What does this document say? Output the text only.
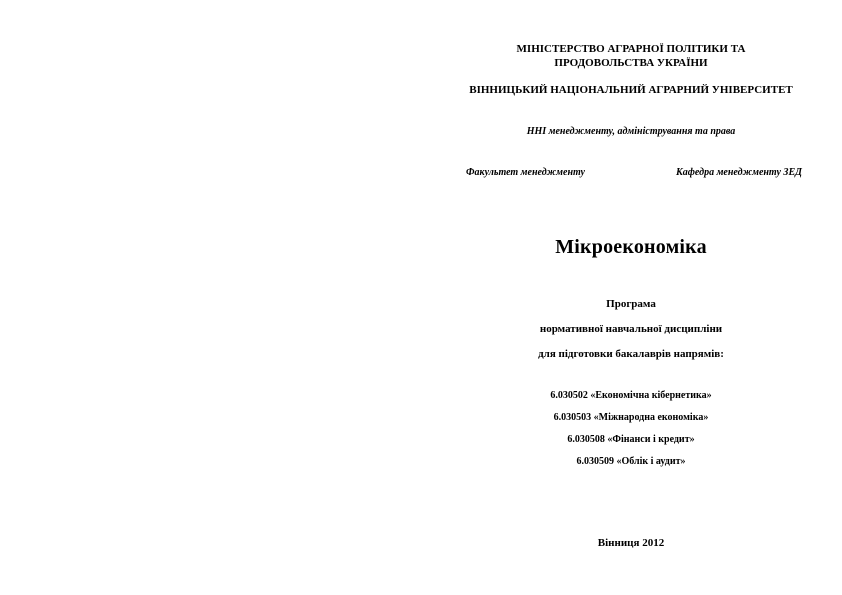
МІНІСТЕРСТВО АГРАРНОЇ ПОЛІТИКИ ТА
ПРОДОВОЛЬСТВА УКРАЇНИ
ВІННИЦЬКИЙ НАЦІОНАЛЬНИЙ АГРАРНИЙ УНІВЕРСИТЕТ
ННІ менеджменту, адміністрування та права
Факультет менеджменту	Кафедра менеджменту ЗЕД
Мікроекономіка
Програма
нормативної навчальної дисципліни
для підготовки бакалаврів напрямів:
6.030502 «Економічна кібернетика»
6.030503 «Міжнародна економіка»
6.030508 «Фінанси і кредит»
6.030509 «Облік і аудит»
Вінниця 2012
